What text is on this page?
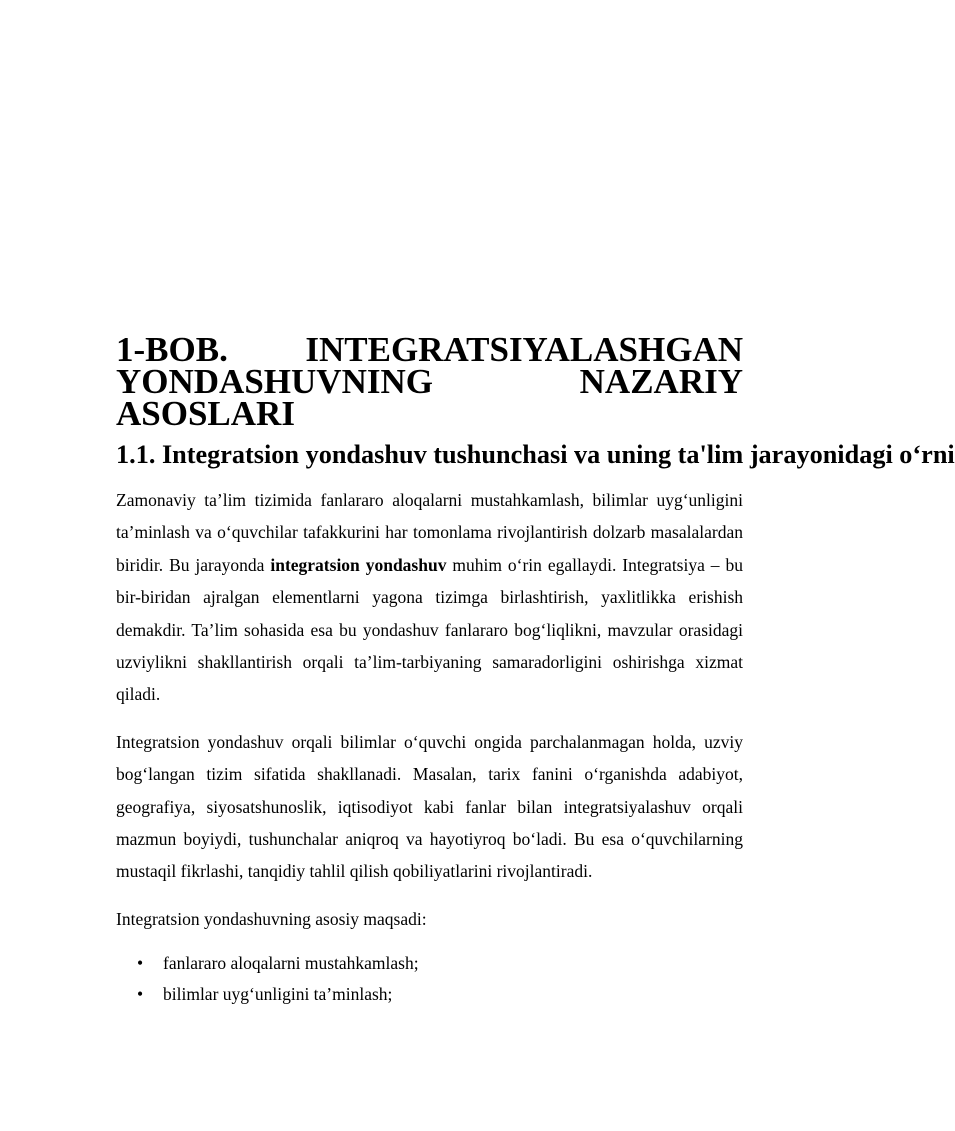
1-BOB. INTEGRATSIYALASHGAN YONDASHUVNING NAZARIY
ASOSLARI
1.1. Integratsion yondashuv tushunchasi va uning ta'lim jarayonidagi o‘rni

Zamonaviy ta’lim tizimida fanlararo aloqalarni mustahkamlash, bilimlar uyg‘unligini ta’minlash va o‘quvchilar tafakkurini har tomonlama rivojlantirish dolzarb masalalardan biridir. Bu jarayonda integratsion yondashuv muhim o‘rin egallaydi. Integratsiya – bu bir-biridan ajralgan elementlarni yagona tizimga birlashtirish, yaxlitlikka erishish demakdir. Ta’lim sohasida esa bu yondashuv fanlararo bog‘liqlikni, mavzular orasidagi uzviylikni shakllantirish orqali ta’lim-tarbiyaning samaradorligini oshirishga xizmat qiladi.

Integratsion yondashuv orqali bilimlar o‘quvchi ongida parchalanmagan holda, uzviy bog‘langan tizim sifatida shakllanadi. Masalan, tarix fanini o‘rganishda adabiyot, geografiya, siyosatshunoslik, iqtisodiyot kabi fanlar bilan integratsiyalashuv orqali mazmun boyiydi, tushunchalar aniqroq va hayotiyroq bo‘ladi. Bu esa o‘quvchilarning mustaqil fikrlashi, tanqidiy tahlil qilish qobiliyatlarini rivojlantiradi.

Integratsion yondashuvning asosiy maqsadi:

• fanlararo aloqalarni mustahkamlash;
• bilimlar uyg‘unligini ta’minlash;
